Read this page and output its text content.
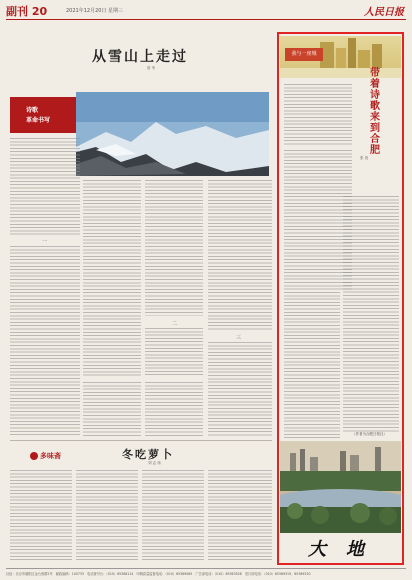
副刊 20	2021年12月20日 星期三	人民日报
从雪山上走过
洛 苇
诗歌
革命书写
一
二
三
多味斋	冬吃萝卜
刘 志 伟
我与一座城
带
着
诗
歌
来
到
合
肥
张 祝
（作者为合肥日报社）
大地
社址：北京市朝阳区金台西路2号　邮政编码：100733　电话查号台：（010）65368114　印刷质量监督电话：（010）65369065　广告部电话：（010）65363528　发行部电话：（010）65369319、65369320
